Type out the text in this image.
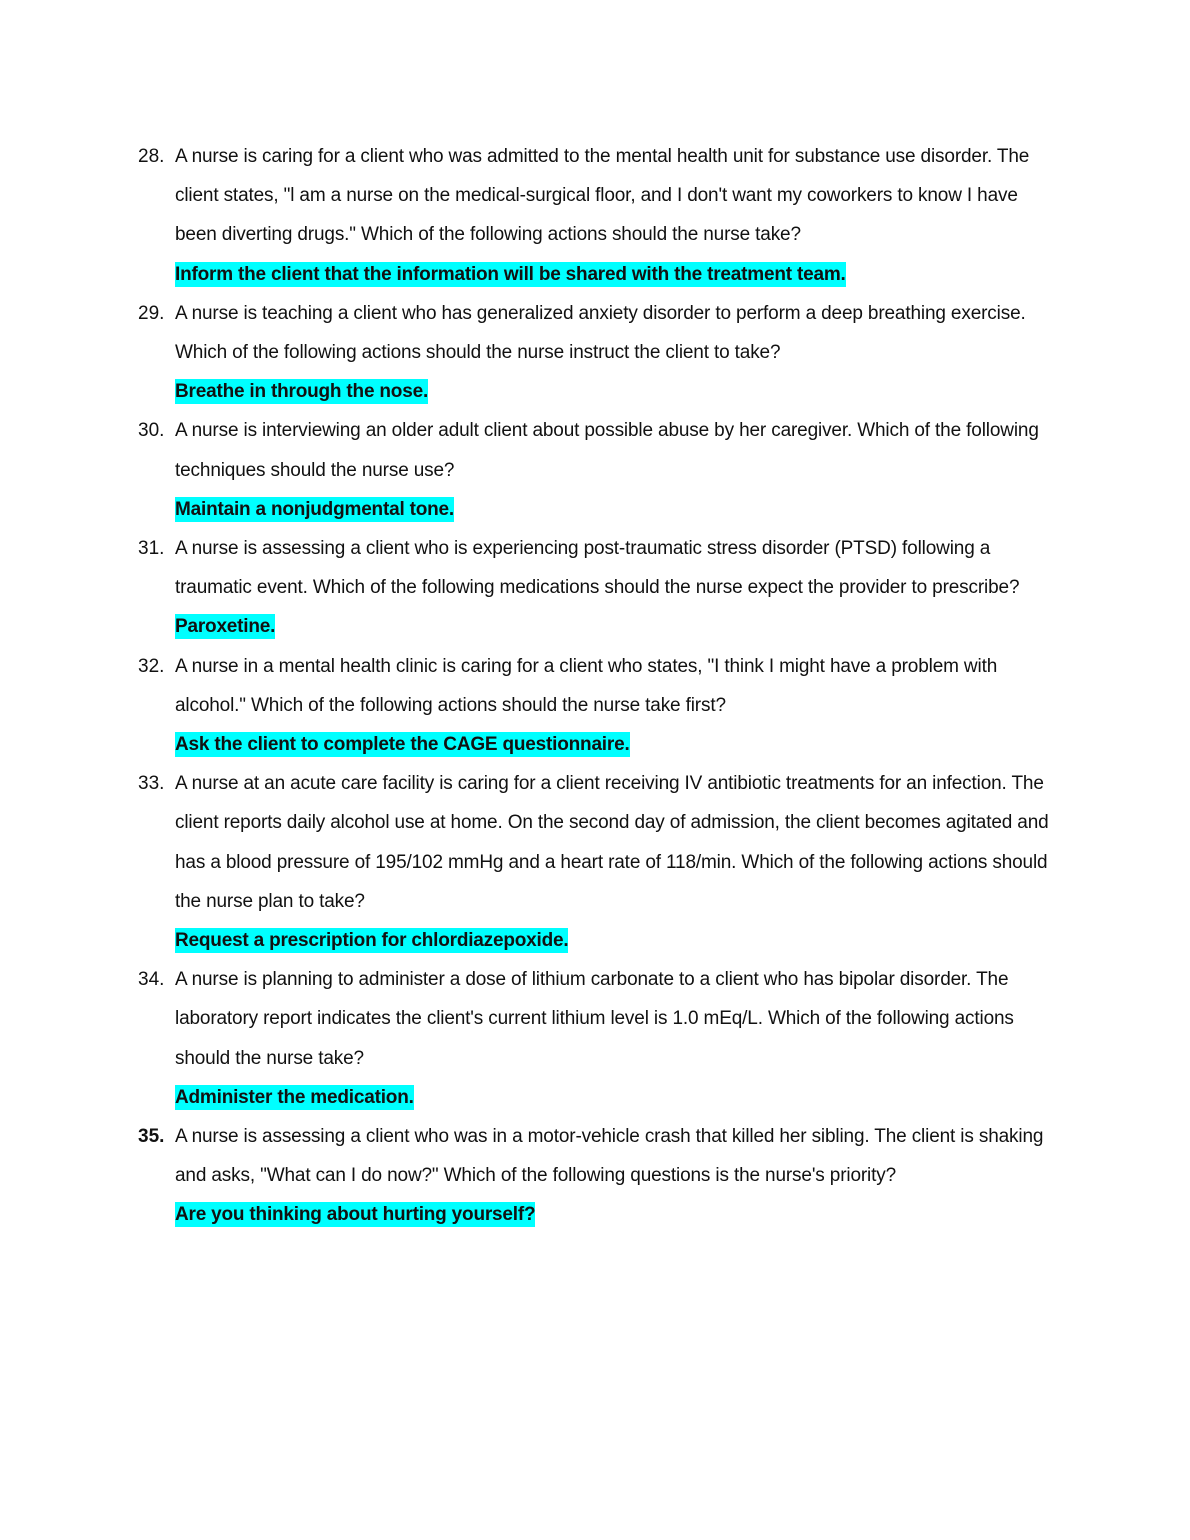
28. A nurse is caring for a client who was admitted to the mental health unit for substance use disorder. The client states, "l am a nurse on the medical-surgical floor, and I don't want my coworkers to know I have been diverting drugs." Which of the following actions should the nurse take?
Inform the client that the information will be shared with the treatment team.
29. A nurse is teaching a client who has generalized anxiety disorder to perform a deep breathing exercise. Which of the following actions should the nurse instruct the client to take?
Breathe in through the nose.
30. A nurse is interviewing an older adult client about possible abuse by her caregiver. Which of the following techniques should the nurse use?
Maintain a nonjudgmental tone.
31. A nurse is assessing a client who is experiencing post-traumatic stress disorder (PTSD) following a traumatic event. Which of the following medications should the nurse expect the provider to prescribe?
Paroxetine.
32. A nurse in a mental health clinic is caring for a client who states, "I think I might have a problem with alcohol." Which of the following actions should the nurse take first?
Ask the client to complete the CAGE questionnaire.
33. A nurse at an acute care facility is caring for a client receiving IV antibiotic treatments for an infection. The client reports daily alcohol use at home. On the second day of admission, the client becomes agitated and has a blood pressure of 195/102 mmHg and a heart rate of 118/min. Which of the following actions should the nurse plan to take?
Request a prescription for chlordiazepoxide.
34. A nurse is planning to administer a dose of lithium carbonate to a client who has bipolar disorder. The laboratory report indicates the client's current lithium level is 1.0 mEq/L. Which of the following actions should the nurse take?
Administer the medication.
35. A nurse is assessing a client who was in a motor-vehicle crash that killed her sibling. The client is shaking and asks, "What can I do now?" Which of the following questions is the nurse's priority?
Are you thinking about hurting yourself?
